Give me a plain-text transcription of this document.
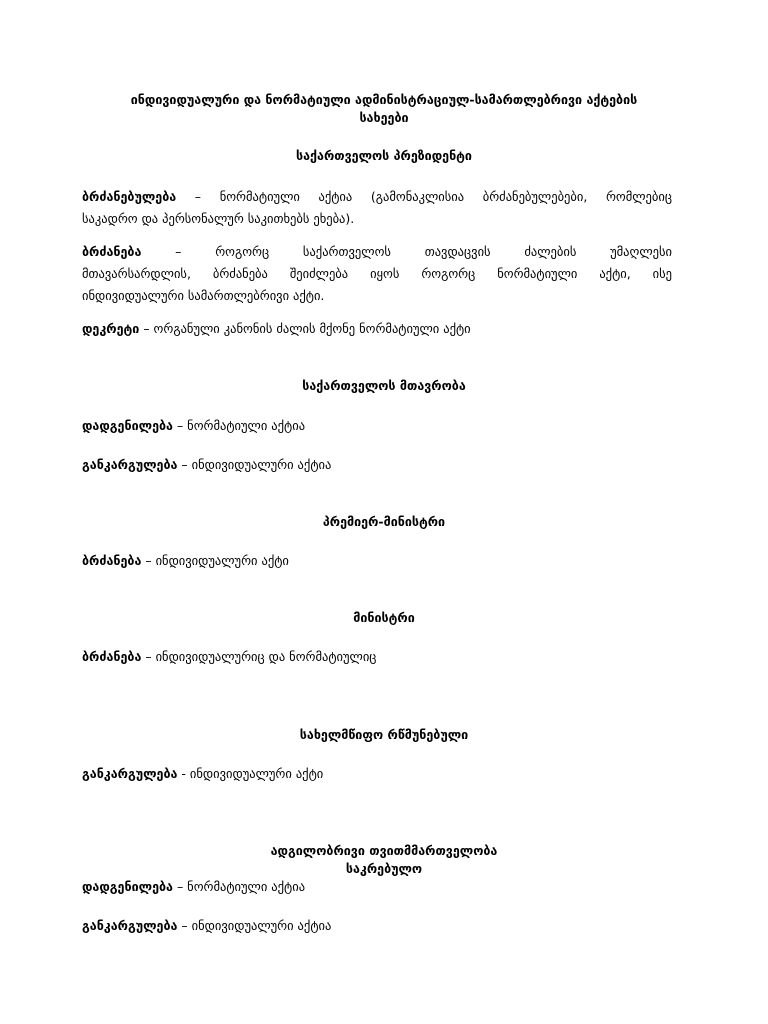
ინდივიდუალური და ნორმატიული ადმინისტრაციულ-სამართლებრივი აქტების
სახეები
საქართველოს პრეზიდენტი
ბრძანებულება – ნორმატიული აქტია (გამონაკლისია ბრძანებულებები, რომლებიც
საკადრო და პერსონალურ საკითხებს ეხება).
ბრძანება	–	როგორც საქართველოს თავდაცვის ძალების უმაღლესი
მთავარსარდლის, ბრძანება შეიძლება იყოს როგორც ნორმატიული აქტი, ისე
ინდივიდუალური სამართლებრივი აქტი.
დეკრეტი – ორგანული კანონის ძალის მქონე ნორმატიული აქტი
საქართველოს მთავრობა
დადგენილება – ნორმატიული აქტია
განკარგულება – ინდივიდუალური აქტია
პრემიერ-მინისტრი
ბრძანება – ინდივიდუალური აქტი
მინისტრი
ბრძანება – ინდივიდუალურიც და ნორმატიულიც
სახელმწიფო რწმუნებული
განკარგულება - ინდივიდუალური აქტი
ადგილობრივი თვითმმართველობა
საკრებულო
დადგენილება – ნორმატიული აქტია
განკარგულება – ინდივიდუალური აქტია
